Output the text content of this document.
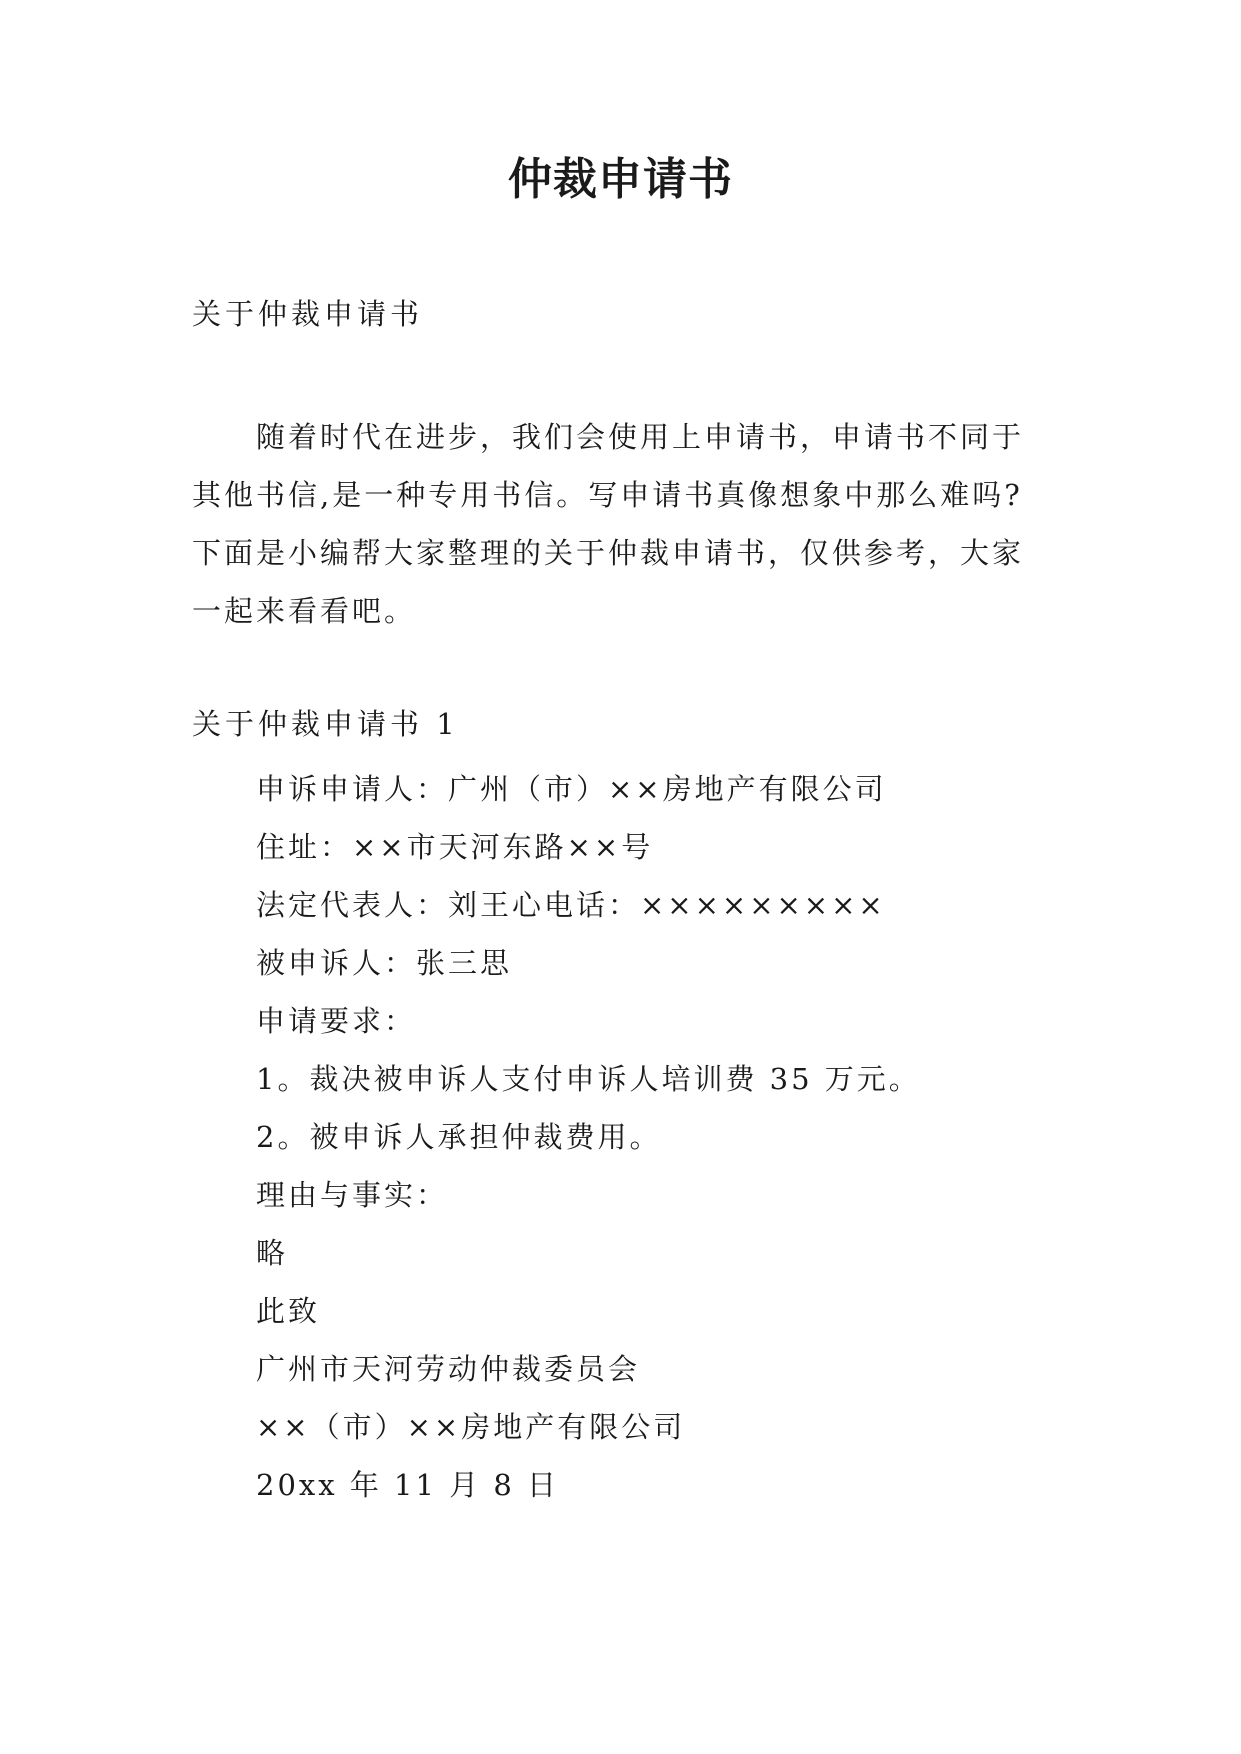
仲裁申请书
关于仲裁申请书
随着时代在进步，我们会使用上申请书，申请书不同于
其他书信,是一种专用书信。写申请书真像想象中那么难吗?
下面是小编帮大家整理的关于仲裁申请书，仅供参考，大家
一起来看看吧。
关于仲裁申请书 1
申诉申请人：广州（市）××房地产有限公司
住址：××市天河东路××号
法定代表人：刘王心电话：×××××××××
被申诉人：张三思
申请要求：
1。裁决被申诉人支付申诉人培训费 35 万元。
2。被申诉人承担仲裁费用。
理由与事实：
略
此致
广州市天河劳动仲裁委员会
××（市）××房地产有限公司
20xx 年 11 月 8 日
